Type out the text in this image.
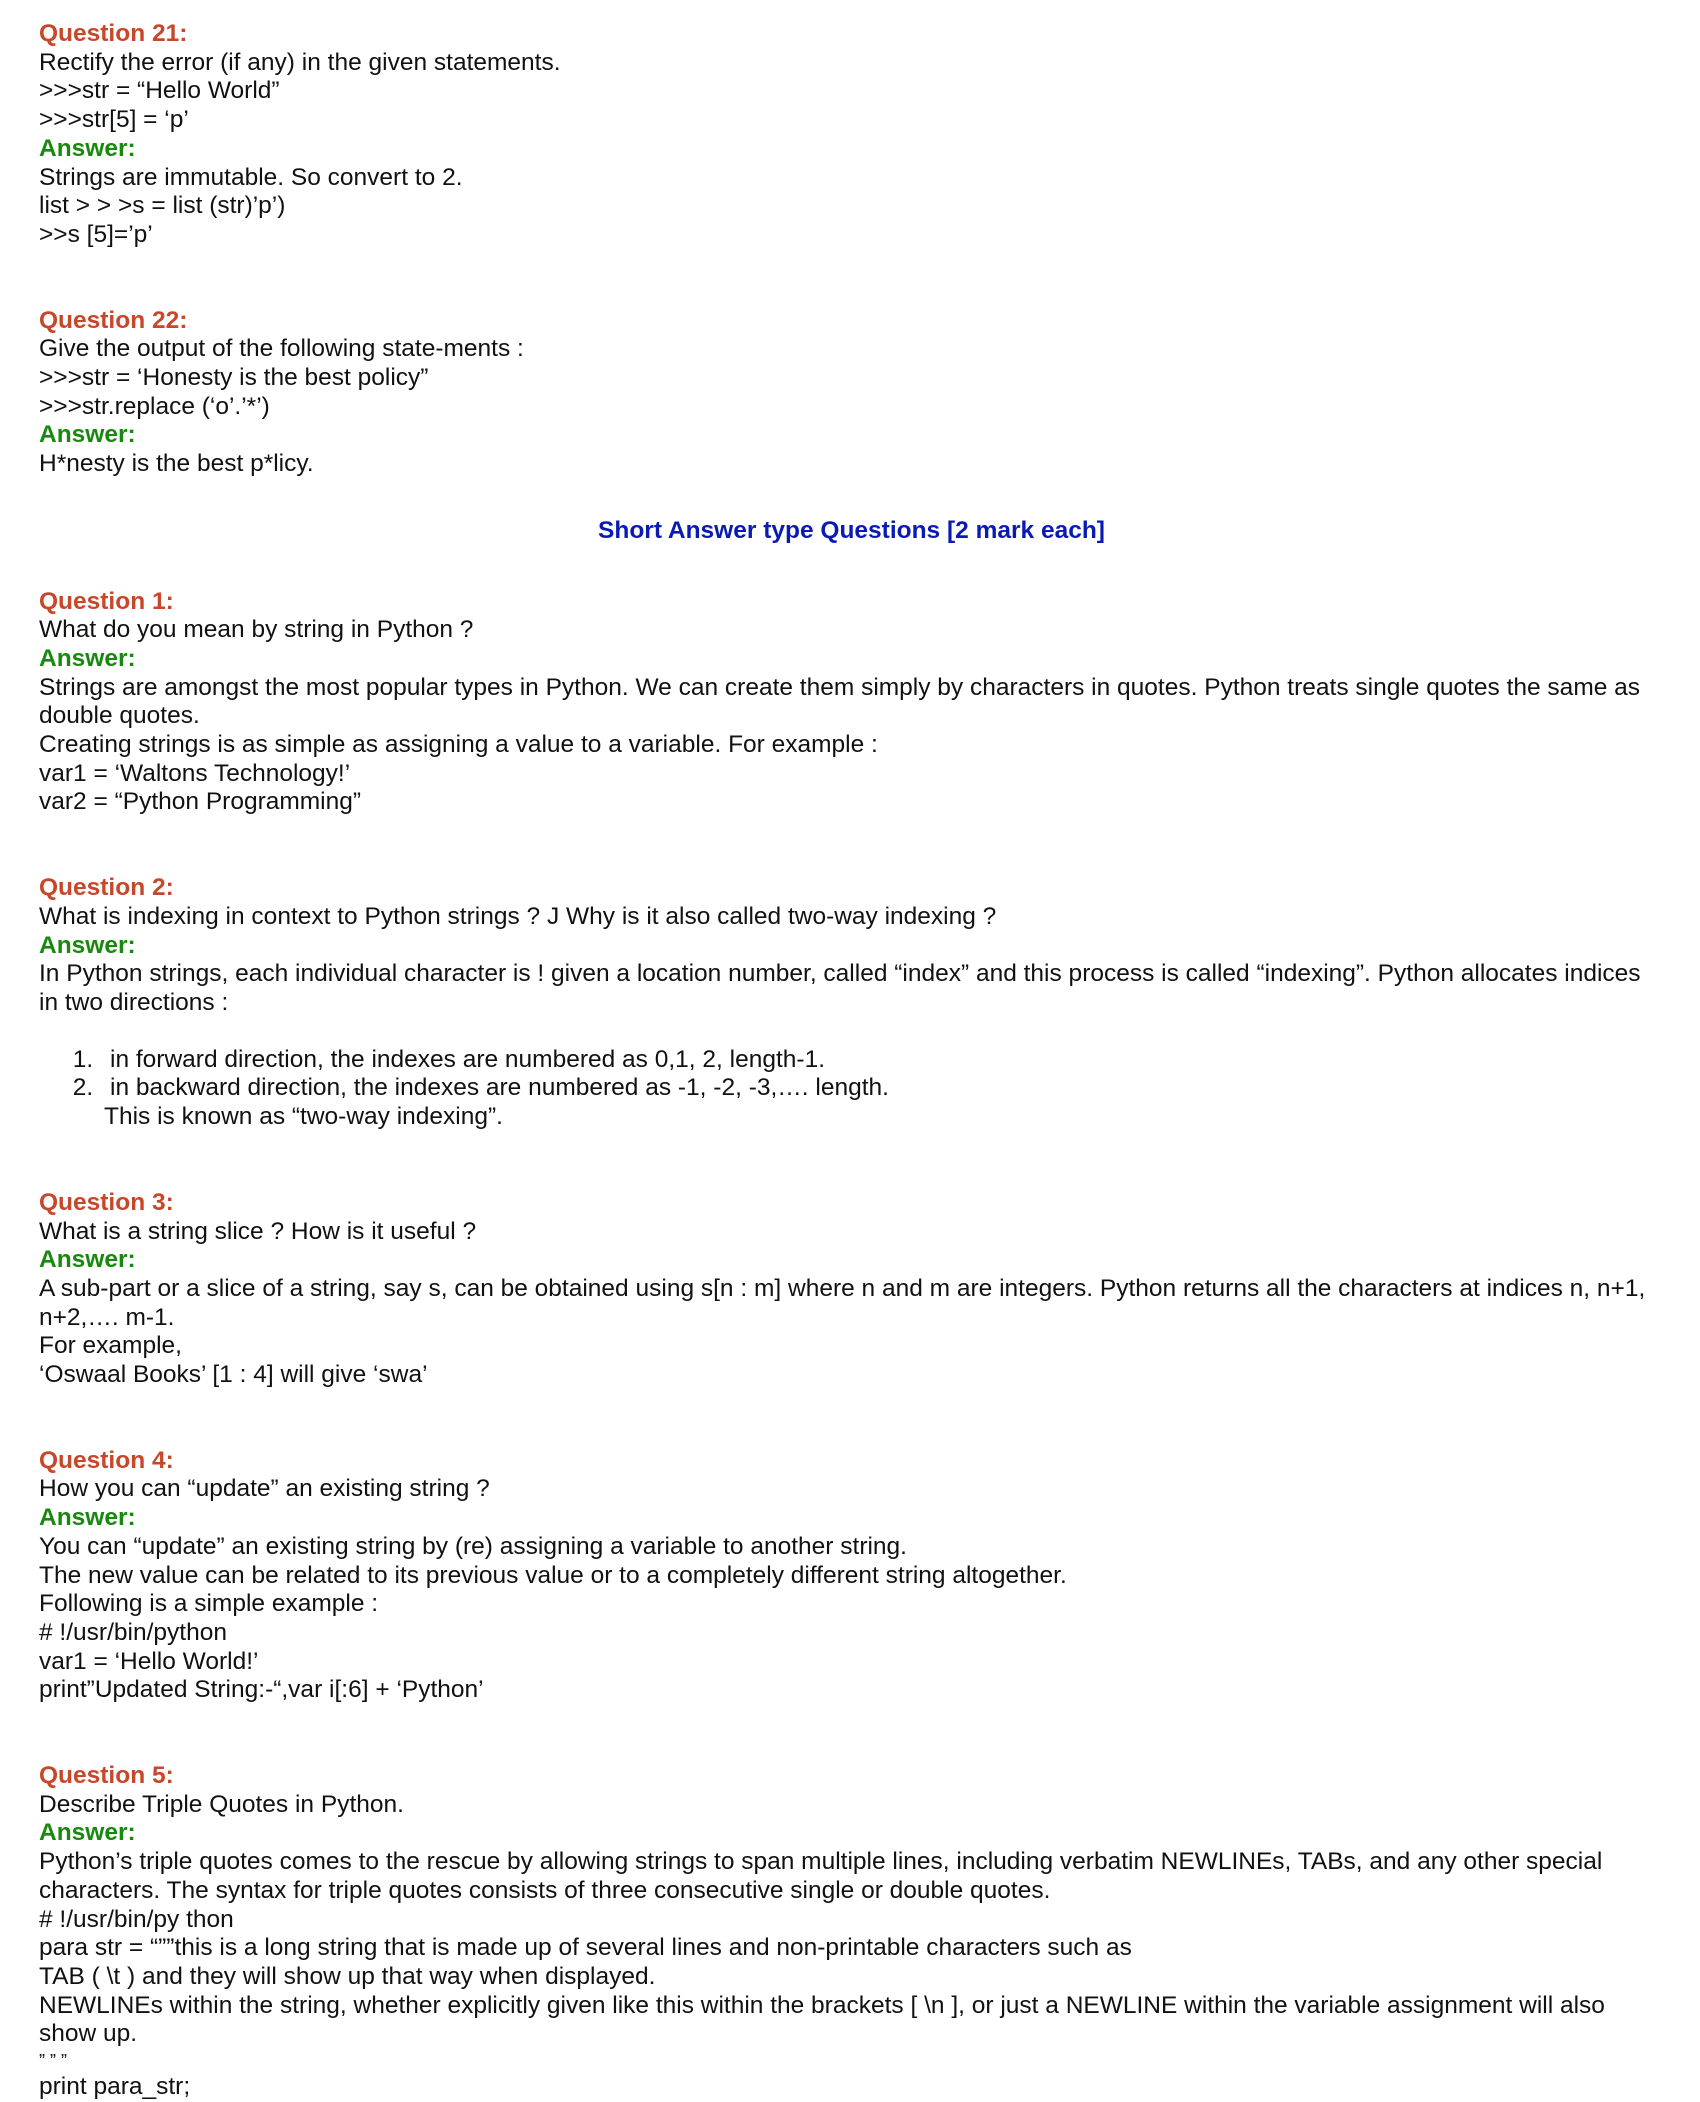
Question 21:
Rectify the error (if any) in the given statements.
>>>str = “Hello World”
>>>str[5] = ‘p’
Answer:
Strings are immutable. So convert to 2.
list > > >s = list (str)’p’)
>>s [5]=’p’
Question 22:
Give the output of the following state-ments :
>>>str = ‘Honesty is the best policy”
>>>str.replace (‘o’.’*’)
Answer:
H*nesty is the best p*licy.
Short Answer type Questions [2 mark each]
Question 1:
What do you mean by string in Python ?
Answer:
Strings are amongst the most popular types in Python. We can create them simply by characters in quotes. Python treats single quotes the same as double quotes.
Creating strings is as simple as assigning a value to a variable. For example :
var1 = ‘Waltons Technology!’
var2 = “Python Programming”
Question 2:
What is indexing in context to Python strings ? J Why is it also called two-way indexing ?
Answer:
In Python strings, each individual character is ! given a location number, called “index” and this process is called “indexing”. Python allocates indices in two directions :
1. in forward direction, the indexes are numbered as 0,1, 2, length-1.
2. in backward direction, the indexes are numbered as -1, -2, -3,…. length.
This is known as “two-way indexing”.
Question 3:
What is a string slice ? How is it useful ?
Answer:
A sub-part or a slice of a string, say s, can be obtained using s[n : m] where n and m are integers. Python returns all the characters at indices n, n+1, n+2,…. m-1.
For example,
‘Oswaal Books’ [1 : 4] will give ‘swa’
Question 4:
How you can “update” an existing string ?
Answer:
You can “update” an existing string by (re) assigning a variable to another string.
The new value can be related to its previous value or to a completely different string altogether.
Following is a simple example :
# !/usr/bin/python
var1 = ‘Hello World!’
print”Updated String:-“,var i[:6] + ‘Python’
Question 5:
Describe Triple Quotes in Python.
Answer:
Python’s triple quotes comes to the rescue by allowing strings to span multiple lines, including verbatim NEWLINEs, TABs, and any other special characters. The syntax for triple quotes consists of three consecutive single or double quotes.
# !/usr/bin/py thon
para str = “””this is a long string that is made up of several lines and non-printable characters such as
TAB ( \t ) and they will show up that way when displayed.
NEWLINEs within the string, whether explicitly given like this within the brackets [ \n ], or just a NEWLINE within the variable assignment will also show up.
” ” ”
print para_str;
